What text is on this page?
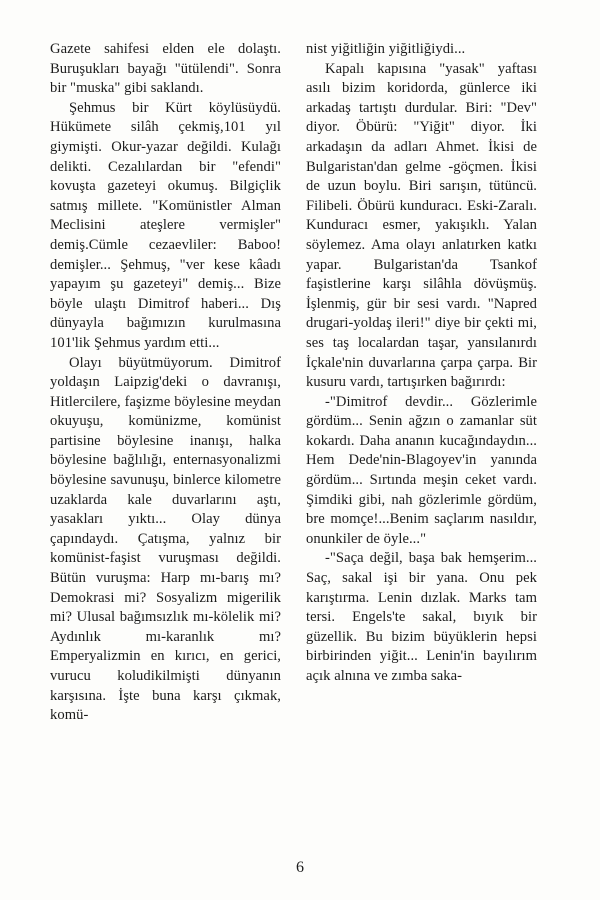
Gazete sahifesi elden ele dolaştı. Buruşukları bayağı "ütülendi". Sonra bir "muska" gibi saklandı.

Şehmus bir Kürt köylüsüydü. Hükümete silâh çekmiş,101 yıl giymişti. Okur-yazar değildi. Kulağı delikti. Cezalılardan bir "efendi" kovuşta gazeteyi okumuş. Bilgiçlik satmış millete. "Komünistler Alman Meclisini ateşlere vermişler" demiş.Cümle cezaevliler: Baboo! demişler... Şehmuş, "ver kese kâadı yapayım şu gazeteyi" demiş... Bize böyle ulaştı Dimitrof haberi... Dış dünyayla bağımızın kurulmasına 101'lik Şehmus yardım etti...

Olayı büyütmüyorum. Dimitrof yoldaşın Laipzig'deki o davranışı, Hitlercilere, faşizme böylesine meydan okuyuşu, komünizme, komünist partisine böylesine inanışı, halka böylesine bağlılığı, enternasyonalizmi böylesine savunuşu, binlerce kilometre uzaklarda kale duvarlarını aştı, yasakları yıktı... Olay dünya çapındaydı. Çatışma, yalnız bir komünist-faşist vuruşması değildi. Bütün vuruşma: Harp mı-barış mı? Demokrasi mi? Sosyalizm migerilik mi? Ulusal bağımsızlık mı-kölelik mi?Aydınlık mı-karanlık mı? Emperyalizmin en kırıcı, en gerici, vurucu koludikilmişti dünyanın karşısına. İşte buna karşı çıkmak, komü-

nist yiğitliğin yiğitliğiydi...

Kapalı kapısına "yasak" yaftası asılı bizim koridorda, günlerce iki arkadaş tartıştı durdular. Biri: "Dev" diyor. Öbürü: "Yiğit" diyor. İki arkadaşın da adları Ahmet. İkisi de Bulgaristan'dan gelme -göçmen. İkisi de uzun boylu. Biri sarışın, tütüncü. Filibeli. Öbürü kunduracı. Eski-Zaralı. Kunduracı esmer, yakışıklı. Yalan söylemez. Ama olayı anlatırken katkı yapar. Bulgaristan'da Tsankof faşistlerine karşı silâhla dövüşmüş. İşlenmiş, gür bir sesi vardı. "Napred drugari-yoldaş ileri!" diye bir çekti mi, ses taş localardan taşar, yansılanırdı İçkale'nin duvarlarına çarpa çarpa. Bir kusuru vardı, tartışırken bağırırdı:

-"Dimitrof devdir... Gözlerimle gördüm... Senin ağzın o zamanlar süt kokardı. Daha ananın kucağındaydın... Hem Dede'nin-Blagoyev'in yanında gördüm... Sırtında meşin ceket vardı. Şimdiki gibi, nah gözlerimle gördüm, bre momçe!...Benim saçlarım nasıldır, onunkiler de öyle..."

-"Saça değil, başa bak hemşerim... Saç, sakal işi bir yana. Onu pek karıştırma. Lenin dızlak. Marks tam tersi. Engels'te sakal, bıyık bir güzellik. Bu bizim büyüklerin hepsi birbirinden yiğit... Lenin'in bayılırım açık alnına ve zımba saka-

6
